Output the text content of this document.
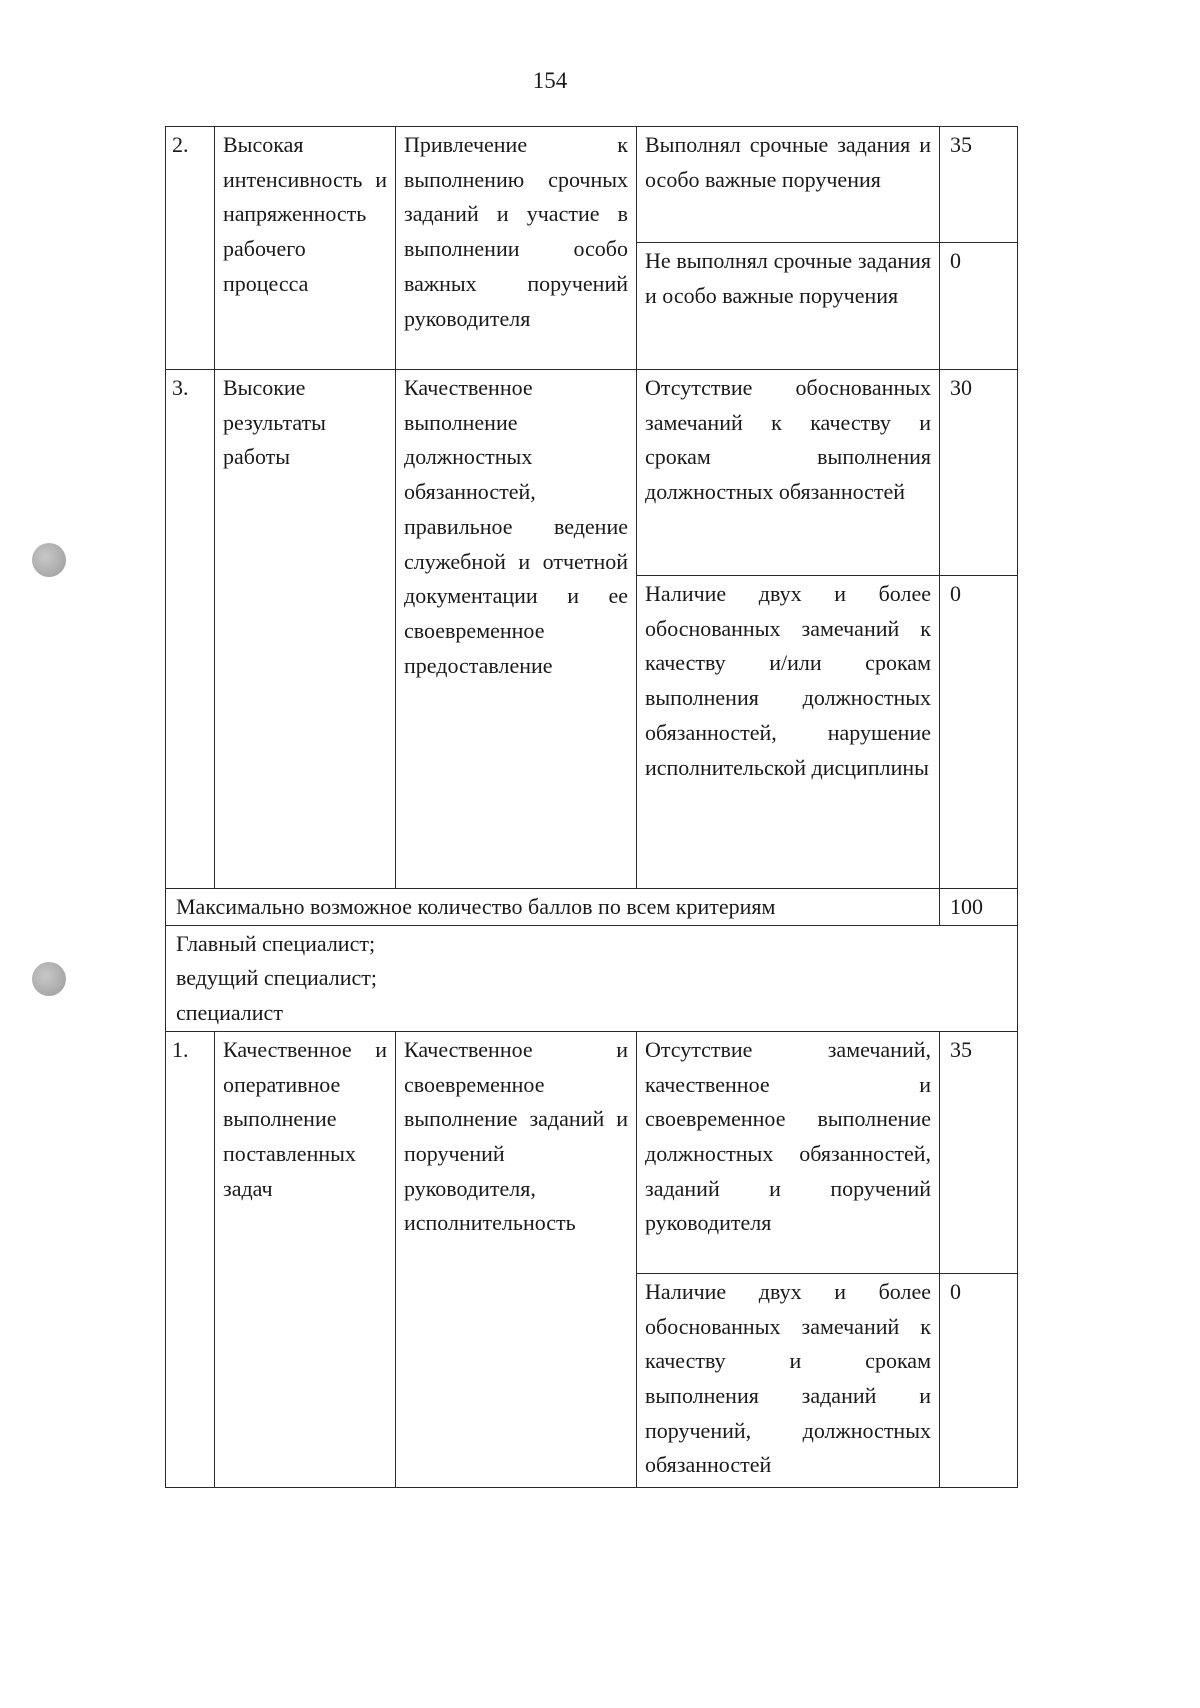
154
2.	Высокая интенсивность и напряженность рабочего процесса	Привлечение к выполнению срочных заданий и участие в выполнении особо важных поручений руководителя	Выполнял срочные задания и особо важные поручения	35
			Не выполнял срочные задания и особо важные поручения	0
3.	Высокие результаты работы	Качественное выполнение должностных обязанностей, правильное ведение служебной и отчетной документации и ее своевременное предоставление	Отсутствие обоснованных замечаний к качеству и срокам выполнения должностных обязанностей	30
			Наличие двух и более обоснованных замечаний к качеству и/или срокам выполнения должностных обязанностей, нарушение исполнительской дисциплины	0
Максимально возможное количество баллов по всем критериям				100

Главный специалист;
ведущий специалист;
специалист				

1.	Качественное и оперативное выполнение поставленных задач	Качественное и своевременное выполнение заданий и поручений руководителя, исполнительность	Отсутствие замечаний, качественное и своевременное выполнение должностных обязанностей, заданий и поручений руководителя	35
			Наличие двух и более обоснованных замечаний к качеству и срокам выполнения заданий и поручений, должностных обязанностей	0
